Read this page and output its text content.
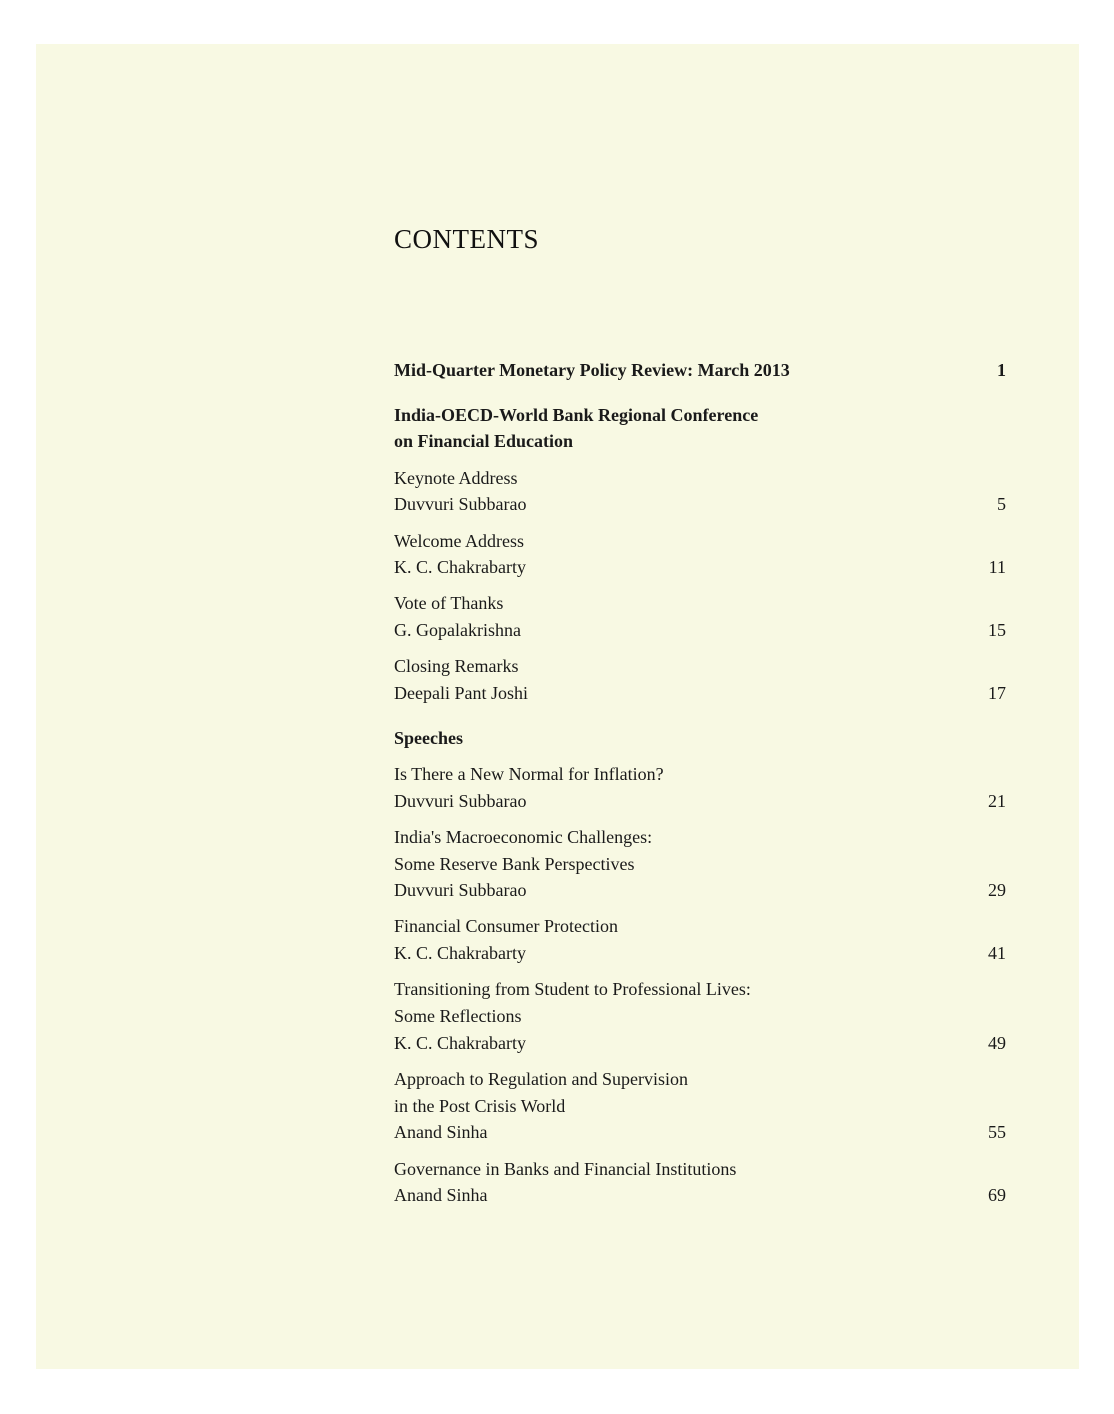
CONTENTS
Mid-Quarter Monetary Policy Review: March 2013	1
India-OECD-World Bank Regional Conference
on Financial Education
Keynote Address
Duvvuri Subbarao	5
Welcome Address
K. C. Chakrabarty	11
Vote of Thanks
G. Gopalakrishna	15
Closing Remarks
Deepali Pant Joshi	17
Speeches
Is There a New Normal for Inflation?
Duvvuri Subbarao	21
India's Macroeconomic Challenges:
Some Reserve Bank Perspectives
Duvvuri Subbarao	29
Financial Consumer Protection
K. C. Chakrabarty	41
Transitioning from Student to Professional Lives:
Some Reflections
K. C. Chakrabarty	49
Approach to Regulation and Supervision
in the Post Crisis World
Anand Sinha	55
Governance in Banks and Financial Institutions
Anand Sinha	69
